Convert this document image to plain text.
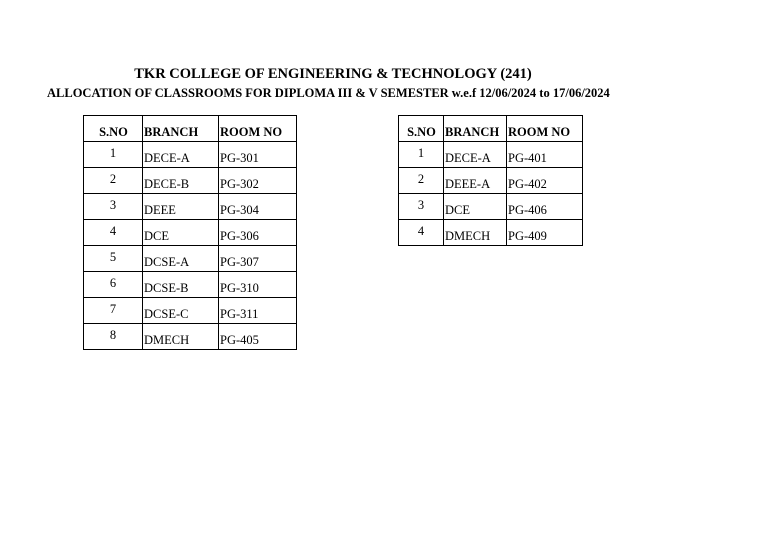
TKR COLLEGE OF ENGINEERING & TECHNOLOGY (241)
ALLOCATION OF CLASSROOMS FOR DIPLOMA III & V SEMESTER w.e.f 12/06/2024 to 17/06/2024
S.NO	BRANCH	ROOM NO
1	DECE-A	PG-301
2	DECE-B	PG-302
3	DEEE	PG-304
4	DCE	PG-306
5	DCSE-A	PG-307
6	DCSE-B	PG-310
7	DCSE-C	PG-311
8	DMECH	PG-405
S.NO	BRANCH	ROOM NO
1	DECE-A	PG-401
2	DEEE-A	PG-402
3	DCE	PG-406
4	DMECH	PG-409
